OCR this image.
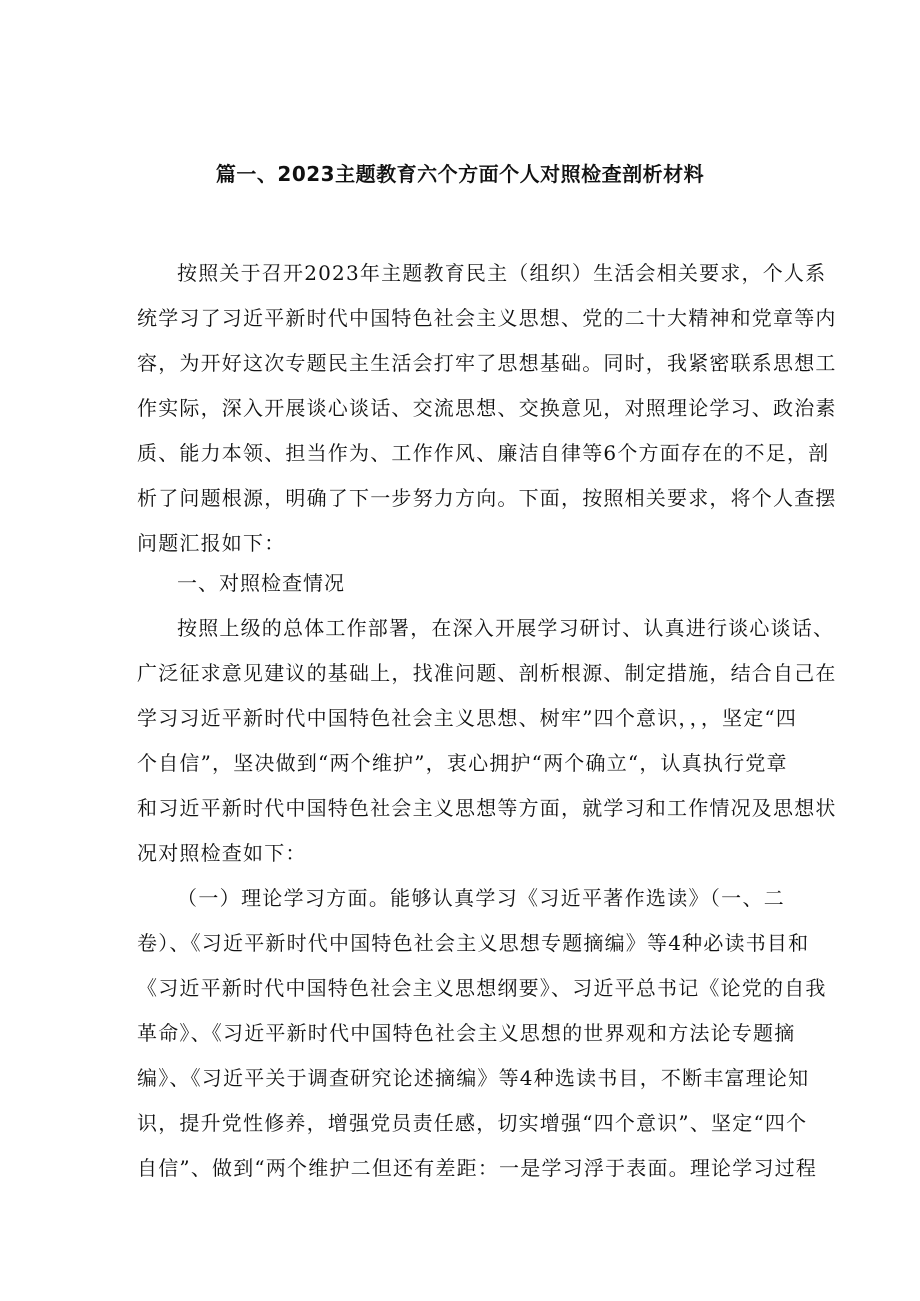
篇一、2023主题教育六个方面个人对照检查剖析材料
按照关于召开2023年主题教育民主（组织）生活会相关要求，个人系
统学习了习近平新时代中国特色社会主义思想、党的二十大精神和党章等内
容，为开好这次专题民主生活会打牢了思想基础。同时，我紧密联系思想工
作实际，深入开展谈心谈话、交流思想、交换意见，对照理论学习、政治素
质、能力本领、担当作为、工作作风、廉洁自律等6个方面存在的不足，剖
析了问题根源，明确了下一步努力方向。下面，按照相关要求，将个人查摆
问题汇报如下：
一、对照检查情况
按照上级的总体工作部署，在深入开展学习研讨、认真进行谈心谈话、
广泛征求意见建议的基础上，找准问题、剖析根源、制定措施，结合自己在
学习习近平新时代中国特色社会主义思想、树牢”四个意识，，，坚定“四
个自信”，坚决做到“两个维护”，衷心拥护“两个确立“，认真执行党章
和习近平新时代中国特色社会主义思想等方面，就学习和工作情况及思想状
况对照检查如下：
（一）理论学习方面。能够认真学习《习近平著作选读》（一、二
卷）、《习近平新时代中国特色社会主义思想专题摘编》等4种必读书目和
《习近平新时代中国特色社会主义思想纲要》、习近平总书记《论党的自我
革命》、《习近平新时代中国特色社会主义思想的世界观和方法论专题摘
编》、《习近平关于调查研究论述摘编》等4种选读书目，不断丰富理论知
识，提升党性修养，增强党员责任感，切实增强“四个意识”、坚定“四个
自信”、做到“两个维护二但还有差距：一是学习浮于表面。理论学习过程
